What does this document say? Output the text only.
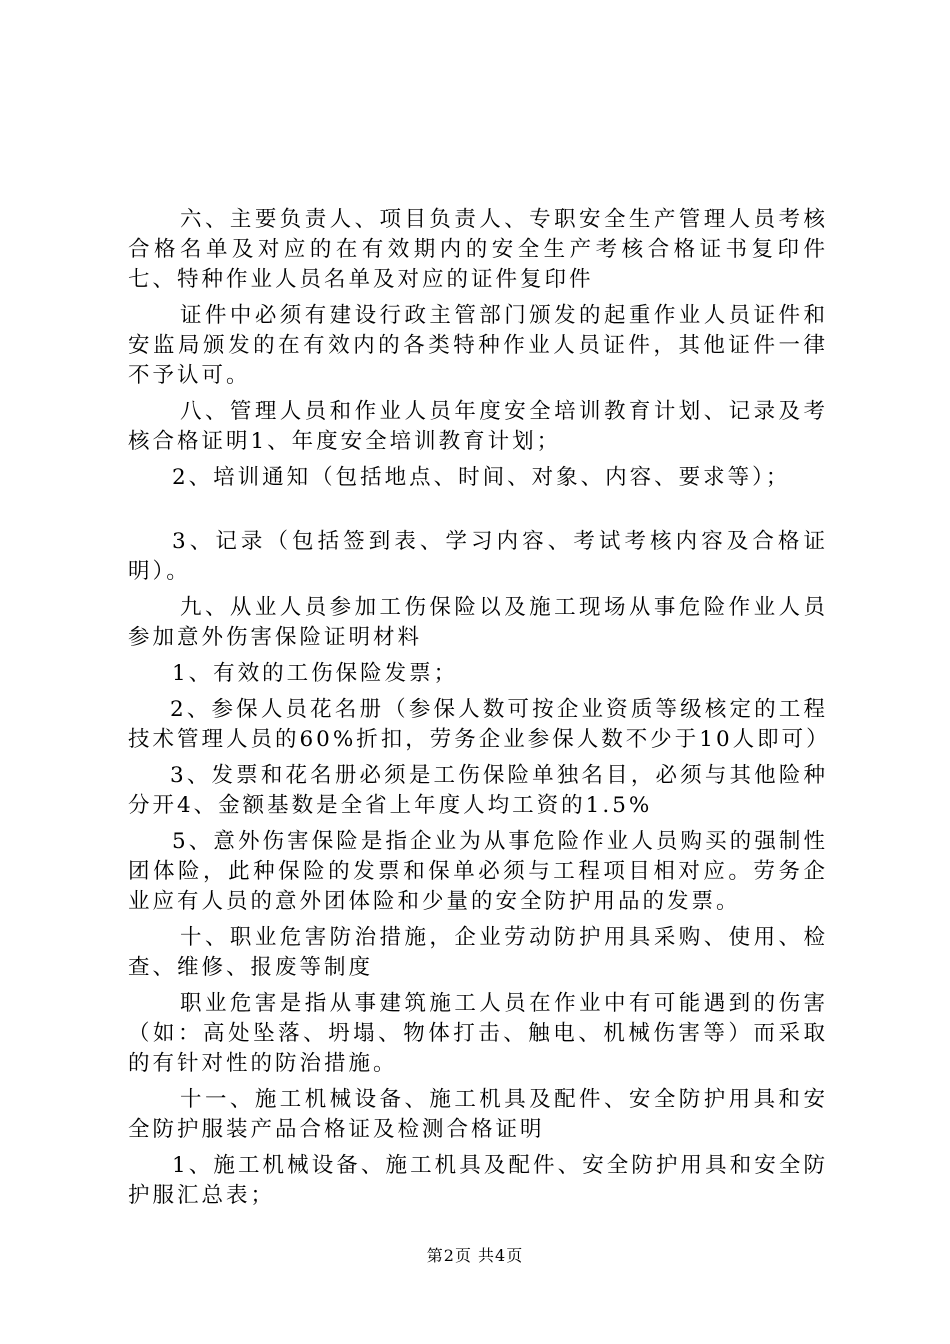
六、主要负责人、项目负责人、专职安全生产管理人员考核合格名单及对应的在有效期内的安全生产考核合格证书复印件七、特种作业人员名单及对应的证件复印件

证件中必须有建设行政主管部门颁发的起重作业人员证件和安监局颁发的在有效内的各类特种作业人员证件，其他证件一律不予认可。

八、管理人员和作业人员年度安全培训教育计划、记录及考核合格证明1、年度安全培训教育计划；

2、培训通知（包括地点、时间、对象、内容、要求等）；

3、记录（包括签到表、学习内容、考试考核内容及合格证明）。

九、从业人员参加工伤保险以及施工现场从事危险作业人员参加意外伤害保险证明材料

1、有效的工伤保险发票；

2、参保人员花名册（参保人数可按企业资质等级核定的工程技术管理人员的60%折扣，劳务企业参保人数不少于10人即可）

3、发票和花名册必须是工伤保险单独名目，必须与其他险种分开4、金额基数是全省上年度人均工资的1.5%

5、意外伤害保险是指企业为从事危险作业人员购买的强制性团体险，此种保险的发票和保单必须与工程项目相对应。劳务企业应有人员的意外团体险和少量的安全防护用品的发票。

十、职业危害防治措施，企业劳动防护用具采购、使用、检查、维修、报废等制度

职业危害是指从事建筑施工人员在作业中有可能遇到的伤害（如：高处坠落、坍塌、物体打击、触电、机械伤害等）而采取的有针对性的防治措施。

十一、施工机械设备、施工机具及配件、安全防护用具和安全防护服装产品合格证及检测合格证明

1、施工机械设备、施工机具及配件、安全防护用具和安全防护服汇总表；

第2页 共4页
